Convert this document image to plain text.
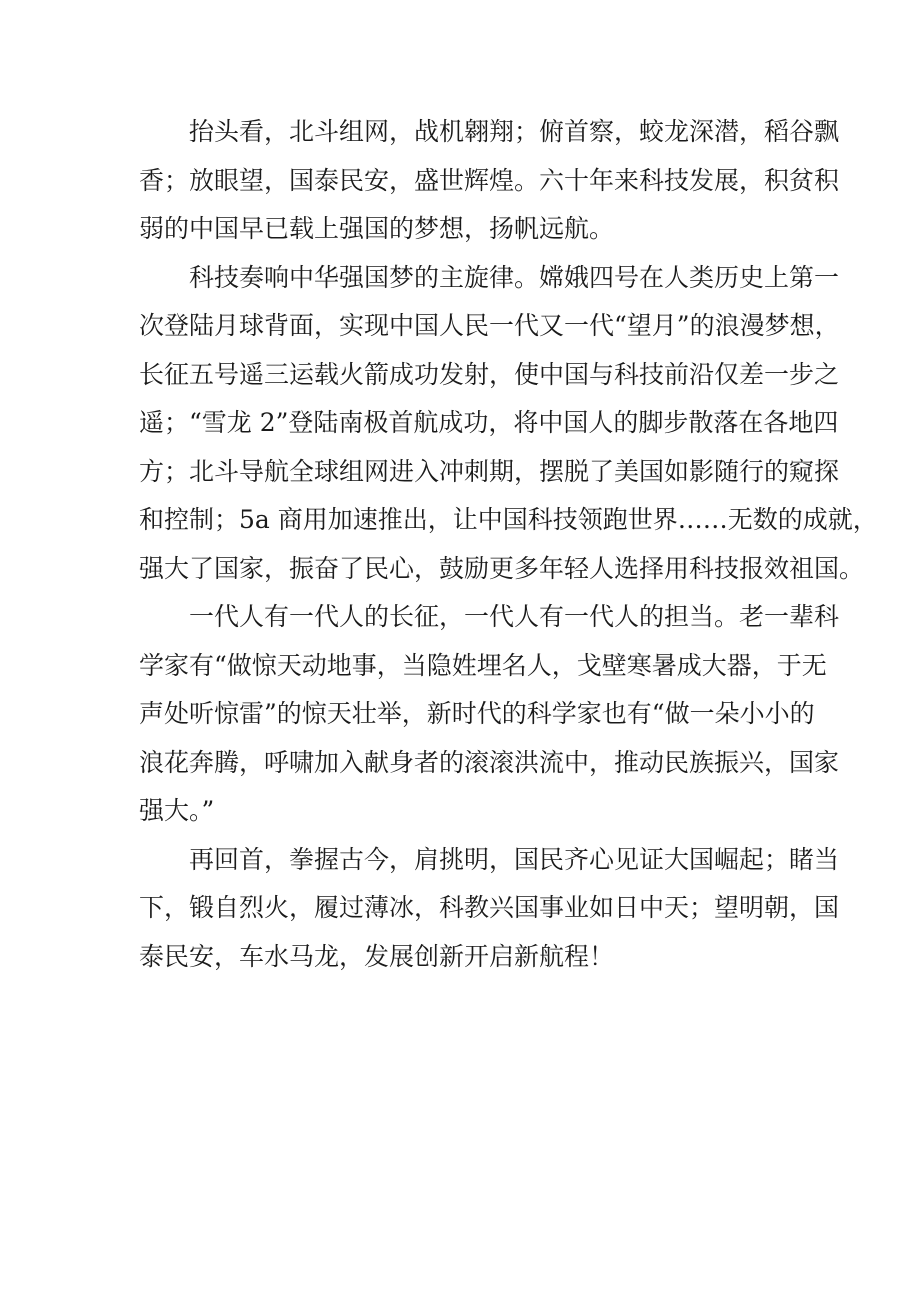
抬头看，北斗组网，战机翱翔；俯首察，蛟龙深潜，稻谷飘
香；放眼望，国泰民安，盛世辉煌。六十年来科技发展，积贫积
弱的中国早已载上强国的梦想，扬帆远航。

科技奏响中华强国梦的主旋律。嫦娥四号在人类历史上第一
次登陆月球背面，实现中国人民一代又一代“望月”的浪漫梦想，
长征五号遥三运载火箭成功发射，使中国与科技前沿仅差一步之
遥；“雪龙 2”登陆南极首航成功，将中国人的脚步散落在各地四
方；北斗导航全球组网进入冲刺期，摆脱了美国如影随行的窥探
和控制；5a 商用加速推出，让中国科技领跑世界……无数的成就，
强大了国家，振奋了民心，鼓励更多年轻人选择用科技报效祖国。

一代人有一代人的长征，一代人有一代人的担当。老一辈科
学家有“做惊天动地事，当隐姓埋名人，戈壁寒暑成大器，于无
声处听惊雷”的惊天壮举，新时代的科学家也有“做一朵小小的
浪花奔腾，呼啸加入献身者的滚滚洪流中，推动民族振兴，国家
强大。”

再回首，拳握古今，肩挑明，国民齐心见证大国崛起；睹当
下，锻自烈火，履过薄冰，科教兴国事业如日中天；望明朝，国
泰民安，车水马龙，发展创新开启新航程！
